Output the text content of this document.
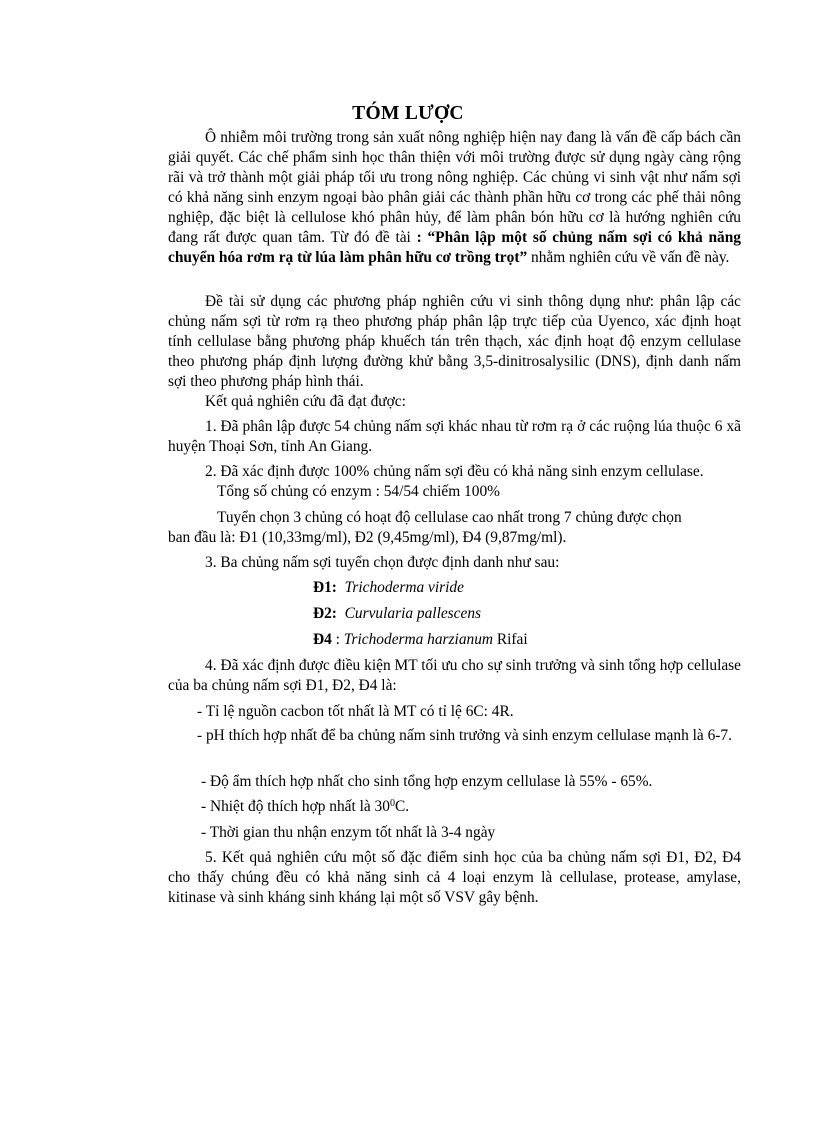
TÓM LƯỢC
Ô nhiễm môi trường trong sản xuất nông nghiệp hiện nay đang là vấn đề cấp bách cần giải quyết. Các chế phẩm sinh học thân thiện với môi trường được sử dụng ngày càng rộng rãi và trở thành một giải pháp tối ưu trong nông nghiệp. Các chủng vi sinh vật như nấm sợi có khả năng sinh enzym ngoại bào phân giải các thành phần hữu cơ trong các phế thải nông nghiệp, đặc biệt là cellulose khó phân hủy, để làm phân bón hữu cơ là hướng nghiên cứu đang rất được quan tâm. Từ đó đề tài : “Phân lập một số chủng nấm sợi có khả năng chuyển hóa rơm rạ từ lúa làm phân hữu cơ trồng trọt” nhằm nghiên cứu về vấn đề này.
Đề tài sử dụng các phương pháp nghiên cứu vi sinh thông dụng như: phân lập các chủng nấm sợi từ rơm rạ theo phương pháp phân lập trực tiếp của Uyenco, xác định hoạt tính cellulase bằng phương pháp khuếch tán trên thạch, xác định hoạt độ enzym cellulase theo phương pháp định lượng đường khử bằng 3,5-dinitrosalysilic (DNS), định danh nấm sợi theo phương pháp hình thái.
Kết quả nghiên cứu đã đạt được:
1. Đã phân lập được 54 chủng nấm sợi khác nhau từ rơm rạ ở các ruộng lúa thuộc 6 xã huyện Thoại Sơn, tỉnh An Giang.
2. Đã xác định được 100% chủng nấm sợi đều có khả năng sinh enzym cellulase.
Tổng số chủng có enzym : 54/54 chiếm 100%
Tuyển chọn 3 chủng có hoạt độ cellulase cao nhất trong 7 chủng được chọn
ban đầu là: Đ1 (10,33mg/ml), Đ2 (9,45mg/ml), Đ4 (9,87mg/ml).
3. Ba chủng nấm sợi tuyển chọn được định danh như sau:
Đ1: Trichoderma viride
Đ2: Curvularia pallescens
Đ4 : Trichoderma harzianum Rifai
4. Đã xác định được điều kiện MT tối ưu cho sự sinh trưởng và sinh tổng hợp cellulase của ba chủng nấm sợi Đ1, Đ2, Đ4 là:
- Tỉ lệ nguồn cacbon tốt nhất là MT có tỉ lệ 6C: 4R.
- pH thích hợp nhất để ba chủng nấm sinh trưởng và sinh enzym cellulase mạnh là 6-7.
- Độ ẩm thích hợp nhất cho sinh tổng hợp enzym cellulase là 55% - 65%.
- Nhiệt độ thích hợp nhất là $30^0C$.
- Thời gian thu nhận enzym tốt nhất là 3-4 ngày
5. Kết quả nghiên cứu một số đặc điểm sinh học của ba chủng nấm sợi Đ1, Đ2, Đ4 cho thấy chúng đều có khả năng sinh cả 4 loại enzym là cellulase, protease, amylase, kitinase và sinh kháng sinh kháng lại một số VSV gây bệnh.
